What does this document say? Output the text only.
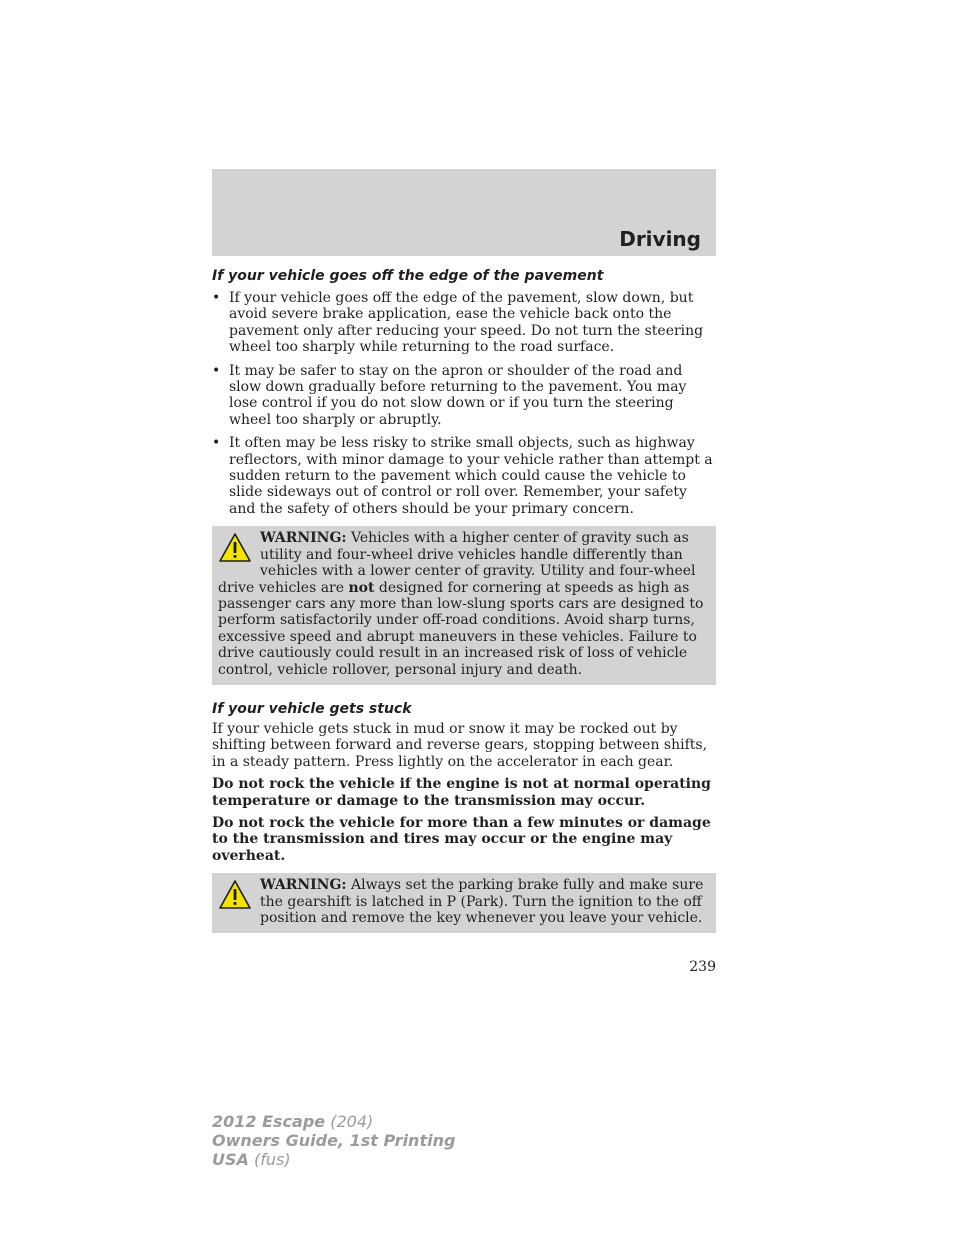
Driving
If your vehicle goes off the edge of the pavement
• If your vehicle goes off the edge of the pavement, slow down, but avoid severe brake application, ease the vehicle back onto the pavement only after reducing your speed. Do not turn the steering wheel too sharply while returning to the road surface.
• It may be safer to stay on the apron or shoulder of the road and slow down gradually before returning to the pavement. You may lose control if you do not slow down or if you turn the steering wheel too sharply or abruptly.
• It often may be less risky to strike small objects, such as highway reflectors, with minor damage to your vehicle rather than attempt a sudden return to the pavement which could cause the vehicle to slide sideways out of control or roll over. Remember, your safety and the safety of others should be your primary concern.
WARNING: Vehicles with a higher center of gravity such as utility and four-wheel drive vehicles handle differently than vehicles with a lower center of gravity. Utility and four-wheel drive vehicles are not designed for cornering at speeds as high as passenger cars any more than low-slung sports cars are designed to perform satisfactorily under off-road conditions. Avoid sharp turns, excessive speed and abrupt maneuvers in these vehicles. Failure to drive cautiously could result in an increased risk of loss of vehicle control, vehicle rollover, personal injury and death.
If your vehicle gets stuck

If your vehicle gets stuck in mud or snow it may be rocked out by shifting between forward and reverse gears, stopping between shifts, in a steady pattern. Press lightly on the accelerator in each gear.

Do not rock the vehicle if the engine is not at normal operating temperature or damage to the transmission may occur.

Do not rock the vehicle for more than a few minutes or damage to the transmission and tires may occur or the engine may overheat.

WARNING: Always set the parking brake fully and make sure the gearshift is latched in P (Park). Turn the ignition to the off position and remove the key whenever you leave your vehicle.
239
2012 Escape (204)
Owners Guide, 1st Printing
USA (fus)
